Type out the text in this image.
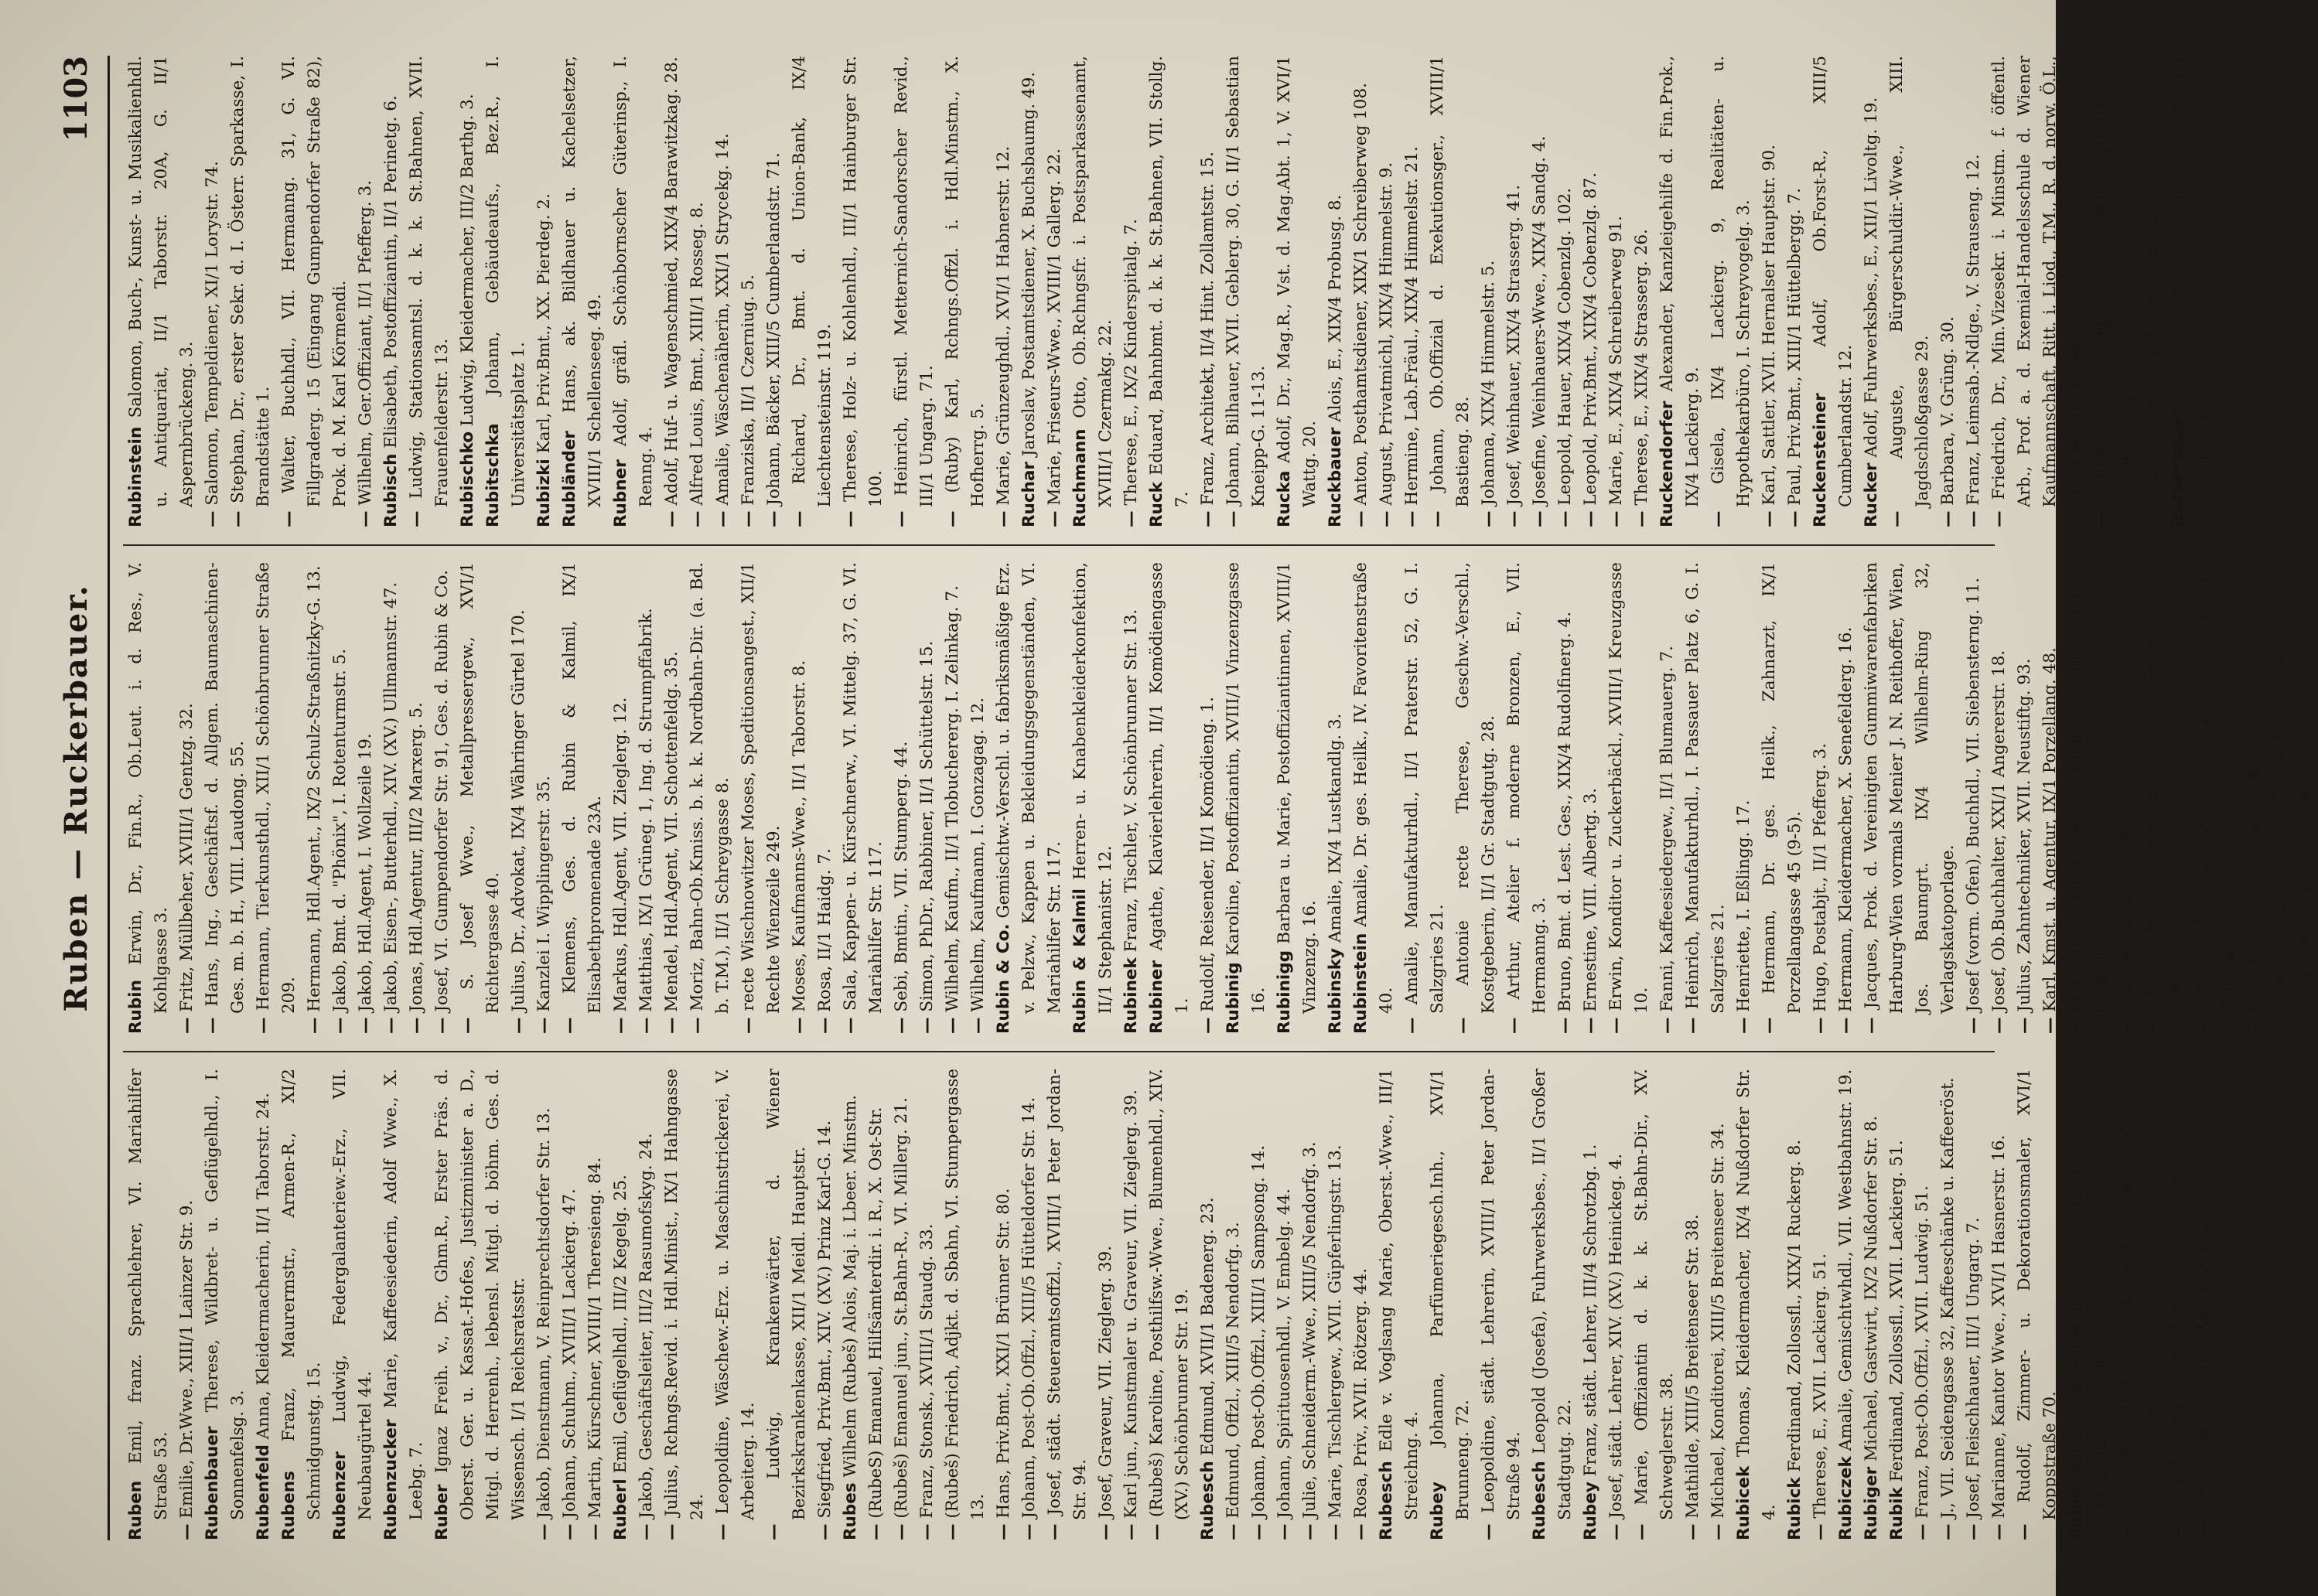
Ruben — Ruckerbauer.
1103

Ruben Emil, franz. Sprachlehrer, VI. Mariahilfer Straße 53.

— Emilie, Dr.Wwe., XIII/1 Lainzer Str. 9. Rubenbauer Therese, Wildbret- u. Geflügelhdl., I. Sonnenfelsg. 3. Rubenfeld Anna, Kleidermacherin, II/1 Taborstr. 24.

Rubens Franz, Maurermstr., Armen-R., XI/2 Schmidgunstg. 15. Rubenzer Ludwig, Federgalanteriew.-Erz., VII. Neubaugürtel 44. Rubenzucker Marie, Kaffeesiederin, Adolf Wwe., X. Leebg. 7. Ruber Ignaz Freih. v., Dr., Ghm.R., Erster Präs. d. Oberst. Ger. u. Kassat.-Hofes, Justizminister a. D., Mitgl. d. Herrenh., lebensl. Mitgl. d. böhm. Ges. d. Wissensch. I/1 Reichsratsstr.

— Jakob, Dienstmann, V. Reinprechtsdorfer Str. 13.

— Johann, Schuhm., XVIII/1 Lackierg. 47.

— Martin, Kürschner, XVIII/1 Theresieng. 84. Ruberl Emil, Geflügelhdl., III/2 Kegelg. 25.

— Jakob, Geschäftsleiter, III/2 Rasumofskyg. 24.

— Julius, Rchngs.Revid. i. Hdl.Minist., IX/1 Hahngasse 24.

— Leopoldine, Wäschew.-Erz. u. Maschinstrickerei, V. Arbeiterg. 14.

— Ludwig, Krankenwärter, d. Wiener Bezirkskrankenkasse, XII/1 Meidl. Hauptstr.

— Siegfried, Priv.Bmt., XIV. (XV.) Prinz Karl-G. 14. Rubes Wilhelm (Rubeš) Alois, Maj. i. Lbeer. Minstm.

— (RubeS) Emanuel, Hilfsämterdir. i. R., X. Ost-Str.

— (Rubeš) Emanuel jun., St.Bahn-R., VI. Millerg. 21.

— Franz, Stonsk., XVIII/1 Staudg. 33.

— (Rubeš) Friedrich, Adjkt. d. Sbahn, VI. Stumpergasse 13.

— Hans, Priv.Bmt., XXI/1 Brünner Str. 80.

— Johann, Post-Ob.Offzl., XIII/5 Hütteldorfer Str. 14.

— Josef, städt. Steueramtsoffzl., XVIII/1 Peter Jordan-Str. 94.

— Josef, Graveur, VII. Zieglerg. 39.

— Karl jun., Kunstmaler u. Graveur, VII. Zieglerg. 39.

— (Rubeš) Karoline, Posthilfsw.-Wwe., Blumenhdl., XIV. (XV.) Schönbrunner Str. 19. Rubesch Edmund, XVII/1 Badenerg. 23.

— Edmund, Offzl., XIII/5 Nendorfg. 3.

— Johann, Post-Ob.Offzl., XIII/1 Sampsong. 14.

— Johann, Spirituosenhdl., V. Embelg. 44.

— Julie, Schneiderm.-Wwe., XIII/5 Nendorfg. 3.

— Marie, Tischlergew., XVII. Güpferlingstr. 13.

— Rosa, Priv., XVII. Rötzerg. 44. Rubesch Edle v. Voglsang Marie, Oberst.-Wwe., III/1 Streichng. 4. Rubey Johanna, Parfümeriegesch.Inh., XVI/1 Brunneng. 72.

— Leopoldine, städt. Lehrerin, XVIII/1 Peter Jordan-Straße 94. Rubesch Leopold (Josefa), Fuhrwerksbes., II/1 Großer Stadtgutg. 22. Rubey Franz, städt. Lehrer, III/4 Schrotzbg. 1.

— Josef, städt. Lehrer, XIV. (XV.) Heinickeg. 4.

— Marie, Offiziantin d. k. k. St.Bahn-Dir., XV. Schweglerstr. 38.

— Mathilde, XIII/5 Breitenseer Str. 38.

— Michael, Konditorei, XIII/5 Breitenseer Str. 34. Rubicek Thomas, Kleidermacher, IX/4 Nußdorfer Str. 4. Rubick Ferdinand, Zollossfl., XIX/1 Ruckerg. 8.

— Therese, E., XVII. Lackierg. 51. Rubiczek Amalie, Gemischtwhdl., VII. Westbahnstr. 19.

Rubiger Michael, Gastwirt, IX/2 Nußdorfer Str. 8.

Rubik Ferdinand, Zollossfl., XVII. Lackierg. 51.

— Franz, Post-Ob.Offzl., XVII. Ludwig. 51.

— J., VII. Seidengasse 32, Kaffeeschänke u. Kaffeeröst.

— Josef, Fleischhauer, III/1 Ungarg. 7.

— Marianne, Kantor Wwe., XVI/1 Hasnerstr. 16.

— Rudolf, Zimmer- u. Dekorationsmaler, XVI/1 Koppstraße 70. Rubin Adolf, Gemischtwhdl., VI. Mariahilfer Str. 37, Ges. b. Rubin & Co.

— Aron, Mittl. Rchngs.-R., angestellt b. Krgs.-Minstm., IX/4 Liechtensteinstr. 119.

— Elias, Kaufmann, IX/1 Lichtensteinstr. 16.

— Ernst, Oberst., XIII/5 Weinerstraße 7.

Rubin Erwin, Dr., Fin.R., Ob.Leut. i. d. Res., V. Kohlgasse 3.

— Fritz, Müllbeher, XVIII/1 Gentzg. 32.

— Hans, Ing., Geschäftsf. d. Allgem. Baumaschinen-Ges. m. b. H., VIII. Laudong. 55.

— Hermann, Tierkunsthdl., XII/1 Schönbrunner Straße 209.

— Hermann, Hdl.Agent., IX/2 Schulz-Straßnitzky-G. 13.

— Jakob, Bmt. d. "Phönix", I. Rotenturmstr. 5.

— Jakob, Hdl.Agent, I. Wollzeile 19.

— Jakob, Eisen-, Butterhdl., XIV. (XV.) Ullmannstr. 47.

— Jonas, Hdl.Agentur, III/2 Marxerg. 5.

— Josef, VI. Gumpendorfer Str. 91, Ges. d. Rubin & Co.

— S. Josef Wwe., Metallpressergew., XVI/1 Richtergasse 40.

— Julius, Dr., Advokat, IX/4 Währinger Gürtel 170.

— Kanzlei I. Wipplingerstr. 35.

— Klemens, Ges. d. Rubin & Kalmil, IX/1 Elisabethpromenade 23A.

— Markus, Hdl.Agent, VII. Zieglerg. 12.

— Matthias, IX/1 Grüneg. 1, Ing. d. Strumpffabrik.

— Mendel, Hdl.Agent, VII. Schottenfeldg. 35.

— Moriz, Bahn-Ob.Kmiss. b. k. k. Nordbahn-Dir. (a. Bd. b. T.M.), II/1 Schreygasse 8.

— recte Wischnowitzer Moses, Speditionsangest., XII/1 Rechte Wienzeile 249.

— Moses, Kaufmanns-Wwe., II/1 Taborstr. 8.

— Rosa, II/1 Haidg. 7.

— Sala, Kappen- u. Kürschnerw., VI. Mittelg. 37, G. VI. Mariahilfer Str. 117.

— Sebi, Bmtin., VII. Stumperg. 44.

— Simon, PhDr., Rabbiner, II/1 Schüttelstr. 15.

— Wilhelm, Kaufm., II/1 Tlobuchererg. I. Zelinkag. 7.

— Wilhelm, Kaufmann, I. Gonzagag. 12. Rubin & Co. Gemischtw.-Verschl. u. fabriksmäßige Erz. v. Pelzw., Kappen u. Bekleidungsgegenständen, VI. Mariahilfer Str. 117. Rubin & Kalmil Herren- u. Knabenkleiderkonfektion, II/1 Stephanistr. 12. Rubinek Franz, Tischler, V. Schönbrunner Str. 13.

Rubiner Agathe, Klavierlehrerin, II/1 Komödiengasse 1.

— Rudolf, Reisender, II/1 Komödieng. 1. Rubinig Karoline, Postoffiziantin, XVIII/1 Vinzenzgasse 16. Rubinigg Barbara u. Marie, Postoffiziantinnen, XVIII/1 Vinzenzg. 16. Rubinsky Amalie, IX/4 Lustkandlg. 3.

Rubinstein Amalie, Dr. ges. Heilk., IV. Favoritenstraße 40.

— Amalie, Manufakturhdl., II/1 Praterstr. 52, G. I. Salzgries 21.

— Antonie recte Therese, Geschw.-Verschl., Kostgeberin, II/1 Gr. Stadtgutg. 28.

— Arthur, Atelier f. moderne Bronzen, E., VII. Hermanng. 3.

— Bruno, Bmt. d. Lest. Ges., XIX/4 Rudolfinerg. 4.

— Ernestine, VIII. Albertg. 3.

— Erwin, Konditor u. Zuckerbäckl., XVIII/1 Kreuzgasse 10.

— Fanni, Kaffeesiedergew., II/1 Blumauerg. 7.

— Heinrich, Manufakturhdl., I. Passauer Platz 6, G. I. Salzgries 21.

— Henriette, I. Eßlingg. 17.

— Hermann, Dr. ges. Heilk., Zahnarzt, IX/1 Porzellangasse 45 (9-5).

— Hugo, Postabjt., II/1 Pfefferg. 3.

— Hermann, Kleidermacher, X. Senefelderg. 16.

— Jacques, Prok. d. Vereinigten Gummiwarenfabriken Harburg-Wien vormals Menier J. N. Reithoffer, Wien, Jos. Baumgrt. IX/4 Wilhelm-Ring 32, Verlagskatoporlage.

— Josef (vorm. Ofen), Buchhdl., VII. Siebensterng. 11.

— Josef, Ob.Buchhalter, XXI/1 Angererstr. 18.

— Julius, Zahntechniker, XVII. Neustiftg. 93.

— Karl, Kmst. u. Agentur, IX/1 Porzellang. 48.

— Leo, Ing., Konstrukt. m. Maschinen, techn. Büro III/4 Ritschig. 10.

— Leo, Ob.Postoffzl. i. R., II/1 Pfefferg. 3.

— Meyer Leib, Börsebesucher, IX/4 Liechtensteinstr. 108.

— Moses, M. Rubinstein, Gemischtw.-Verschl., IV. Belvederg. 27.

— Paul, Buchhdl., VII. Burgg. 88.

— Robert (Rubin), II/1 Gr. Mohreng. 36, Ges. d. Hülsenfrüchten u. Sämereien, II/1 Taborstr. 10.

Rubinstein Salomon, Buch-, Kunst- u. Musikalienhdl. u. Antiquariat, II/1 Taborstr. 20A, G. II/1 Aspernbrückeng. 3.

— Salomon, Tempeldiener, XI/1 Lorystr. 74.

— Stephan, Dr., erster Sekr. d. I. Österr. Sparkasse, I. Brandstätte 1.

— Walter, Buchhdl., VII. Hermanng. 31, G. VI. Fillgraderg. 15 (Eingang Gumpendorfer Straße 82), Prok. d. M. Karl Körmendi.

— Wilhelm, Ger.Offiziant, II/1 Pfefferg. 3. Rubisch Elisabeth, Postoffiziantin, II/1 Perinetg. 6.

— Ludwig, Stationsamtsl. d. k. k. St.Bahnen, XVII. Frauenfelderstr. 13. Rubischko Ludwig, Kleidermacher, III/2 Barthg. 3.

Rubitschka Johann, Gebäudeaufs., Bez.R., I. Universitätsplatz 1. Rubizki Karl, Priv.Bmt., XX. Pierdeg. 2.

Rubländer Hans, ak. Bildhauer u. Kachelsetzer, XVIII/1 Schellenseeg. 49. Rubner Adolf, gräfl. Schönbornscher Güterinsp., I. Renng. 4.

— Adolf, Huf- u. Wagenschmied, XIX/4 Barawitzkag. 28.

— Alfred Louis, Bmt., XIII/1 Rosseg. 8.

— Amalie, Wäschenäherin, XXI/1 Strycekg. 14.

— Franziska, II/1 Czerniug. 5.

— Johann, Bäcker, XIII/5 Cumberlandstr. 71.

— Richard, Dr., Bmt. d. Union-Bank, IX/4 Liechtensteinstr. 119.

— Therese, Holz- u. Kohlenhdl., III/1 Hainburger Str. 100.

— Heinrich, fürstl. Metternich-Sandorscher Revid., III/1 Ungarg. 71.

— (Ruby) Karl, Rchngs.Offzl. i. Hdl.Minstm., X. Hofherrg. 5.

— Marie, Grünzeughdl., XVI/1 Habnerstr. 12. Ruchar Jaroslav, Postamtsdiener, X. Buchsbaumg. 49.

— Marie, Friseurs-Wwe., XVIII/1 Gallerg. 22. Ruchmann Otto, Ob.Rchngsfr. i. Postsparkassenamt, XVIII/1 Czermakg. 22.

— Therese, E., IX/2 Kinderspitalg. 7. Ruck Eduard, Bahnbmt. d. k. k. St.Bahnen, VII. Stollg. 7.

— Franz, Architekt, II/4 Hint. Zollamtstr. 15.

— Johann, Bilhauer, XVII. Geblerg. 30, G. II/1 Sebastian Kneipp-G. 11-13. Rucka Adolf, Dr., Mag.R., Vst. d. Mag.Abt. 1, V. XVI/1 Wattg. 20. Ruckbauer Alois, E., XIX/4 Probusg. 8.

— Anton, Posthamtsdiener, XIX/1 Schreiberweg 108.

— August, Privatmichl, XIX/4 Himmelstr. 9.

— Hermine, Lab.Fräul., XIX/4 Himmelstr. 21.

— Johann, Ob.Offizial d. Exekutionsger., XVIII/1 Bastieng. 28.

— Johanna, XIX/4 Himmelstr. 5.

— Josef, Weinhauer, XIX/4 Strasserg. 41.

— Josefine, Weinhauers-Wwe., XIX/4 Sandg. 4.

— Leopold, Hauer, XIX/4 Cobenzlg. 102.

— Leopold, Priv.Bmt., XIX/4 Cobenzlg. 87.

— Marie, E., XIX/4 Schreiberweg 91.

— Therese, E., XIX/4 Strasserg. 26. Ruckendorfer Alexander, Kanzleigehilfe d. Fin.Prok., IX/4 Lackierg. 9.

— Gisela, IX/4 Lackierg. 9, Realitäten- u. Hypothekarbüro, I. Schreyvogelg. 3.

— Karl, Sattler, XVII. Hernalser Hauptstr. 90.

— Paul, Priv.Bmt., XIII/1 Hüttelbergg. 7. Ruckensteiner Adolf, Ob.Forst-R., XIII/5 Cumberlandstr. 12. Rucker Adolf, Fuhrwerksbes., E., XII/1 Livoltg. 19.

— Auguste, Bürgerschuldir.-Wwe., XIII. Jagdschloßgasse 29.

— Barbara, V. Grüng. 30.

— Franz, Leimsab.-Ndlge., V. Strauseng. 12.

— Friedrich, Dr., Min.Vizesekr. i. Minstm. f. öffentl. Arb., Prof. a. d. Exemial-Handelsschule d. Wiener Kaufmannschaft, Ritt. i. Liod., T.M., R. d. norw. Ö.L., XIII/4 Maxingstr. 66.

— Julie, III/1 Ungarg. 1, Wäschepuzerei I. Schönlaterngasse 11.

— Rez., Priv.Bmt., XV. Kriemhildplatz 6. Ruckerbauer Anna, Kaffeeschänkerin, XVIII/1 Schulgasse 61.
